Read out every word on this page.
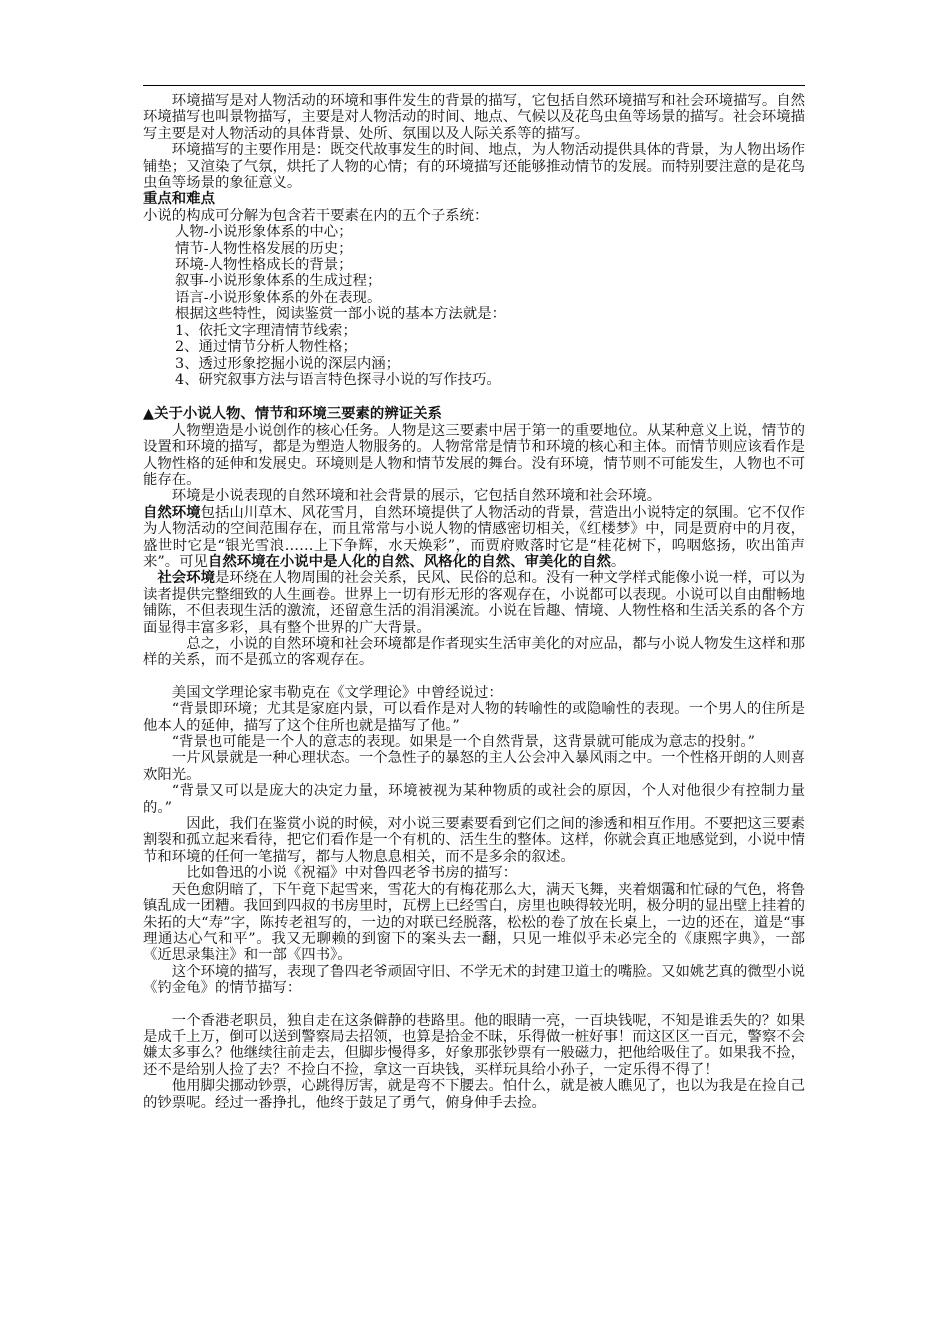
环境描写是对人物活动的环境和事件发生的背景的描写，它包括自然环境描写和社会环境描写。自然环境描写也叫景物描写，主要是对人物活动的时间、地点、气候以及花鸟虫鱼等场景的描写。社会环境描写主要是对人物活动的具体背景、处所、氛围以及人际关系等的描写。

环境描写的主要作用是：既交代故事发生的时间、地点，为人物活动提供具体的背景，为人物出场作铺垫；又渲染了气氛，烘托了人物的心情；有的环境描写还能够推动情节的发展。而特别要注意的是花鸟虫鱼等场景的象征意义。

重点和难点

小说的构成可分解为包含若干要素在内的五个子系统：

人物-小说形象体系的中心；

情节-人物性格发展的历史；

环境-人物性格成长的背景；

叙事-小说形象体系的生成过程；

语言-小说形象体系的外在表现。

根据这些特性，阅读鉴赏一部小说的基本方法就是：

1、依托文字理清情节线索；

2、通过情节分析人物性格；

3、透过形象挖掘小说的深层内涵；

4、研究叙事方法与语言特色探寻小说的写作技巧。

▲关于小说人物、情节和环境三要素的辨证关系

人物塑造是小说创作的核心任务。人物是这三要素中居于第一的重要地位。从某种意义上说，情节的设置和环境的描写，都是为塑造人物服务的。人物常常是情节和环境的核心和主体。而情节则应该看作是人物性格的延伸和发展史。环境则是人物和情节发展的舞台。没有环境，情节则不可能发生，人物也不可能存在。

环境是小说表现的自然环境和社会背景的展示，它包括自然环境和社会环境。

自然环境包括山川草木、风花雪月，自然环境提供了人物活动的背景，营造出小说特定的氛围。它不仅作为人物活动的空间范围存在，而且常常与小说人物的情感密切相关，《红楼梦》中，同是贾府中的月夜，盛世时它是“银光雪浪……上下争辉，水天焕彩”，而贾府败落时它是“桂花树下，呜咽悠扬，吹出笛声来”。可见自然环境在小说中是人化的自然、风格化的自然、审美化的自然。

社会环境是环绕在人物周围的社会关系，民风、民俗的总和。没有一种文学样式能像小说一样，可以为读者提供完整细致的人生画卷。世界上一切有形无形的客观存在，小说都可以表现。小说可以自由酣畅地铺陈，不但表现生活的激流，还留意生活的涓涓溪流。小说在旨趣、情境、人物性格和生活关系的各个方面显得丰富多彩，具有整个世界的广大背景。

总之，小说的自然环境和社会环境都是作者现实生活审美化的对应品，都与小说人物发生这样和那样的关系，而不是孤立的客观存在。

美国文学理论家韦勒克在《文学理论》中曾经说过：

“背景即环境；尤其是家庭内景，可以看作是对人物的转喻性的或隐喻性的表现。一个男人的住所是他本人的延伸，描写了这个住所也就是描写了他。”

“背景也可能是一个人的意志的表现。如果是一个自然背景，这背景就可能成为意志的投射。”

一片风景就是一种心理状态。一个急性子的暴怒的主人公会冲入暴风雨之中。一个性格开朗的人则喜欢阳光。

“背景又可以是庞大的决定力量，环境被视为某种物质的或社会的原因，个人对他很少有控制力量的。”

因此，我们在鉴赏小说的时候，对小说三要素要看到它们之间的渗透和相互作用。不要把这三要素割裂和孤立起来看待，把它们看作是一个有机的、活生生的整体。这样，你就会真正地感觉到，小说中情节和环境的任何一笔描写，都与人物息息相关，而不是多余的叙述。

比如鲁迅的小说《祝福》中对鲁四老爷书房的描写：

天色愈阴暗了，下午竟下起雪来，雪花大的有梅花那么大，满天飞舞，夹着烟霭和忙碌的气色，将鲁镇乱成一团糟。我回到四叔的书房里时，瓦楞上已经雪白，房里也映得较光明，极分明的显出壁上挂着的朱拓的大“寿”字，陈抟老祖写的，一边的对联已经脱落，松松的卷了放在长桌上，一边的还在，道是“事理通达心气和平”。我又无聊赖的到窗下的案头去一翻，只见一堆似乎未必完全的《康熙字典》，一部《近思录集注》和一部《四书》。

这个环境的描写，表现了鲁四老爷顽固守旧、不学无术的封建卫道士的嘴脸。又如姚艺真的微型小说《钓金龟》的情节描写：

一个香港老职员，独自走在这条僻静的巷路里。他的眼睛一亮，一百块钱呢，不知是谁丢失的？如果是成千上万，倒可以送到警察局去招领，也算是拾金不昧，乐得做一桩好事！而这区区一百元，警察不会嫌太多事么？他继续往前走去，但脚步慢得多，好象那张钞票有一般磁力，把他给吸住了。如果我不捡，还不是给别人捡了去？不捡白不捡，拿这一百块钱，买样玩具给小孙子，一定乐得不得了！

他用脚尖挪动钞票，心跳得厉害，就是弯不下腰去。怕什么，就是被人瞧见了，也以为我是在捡自己的钞票呢。经过一番挣扎，他终于鼓足了勇气，俯身伸手去捡。
